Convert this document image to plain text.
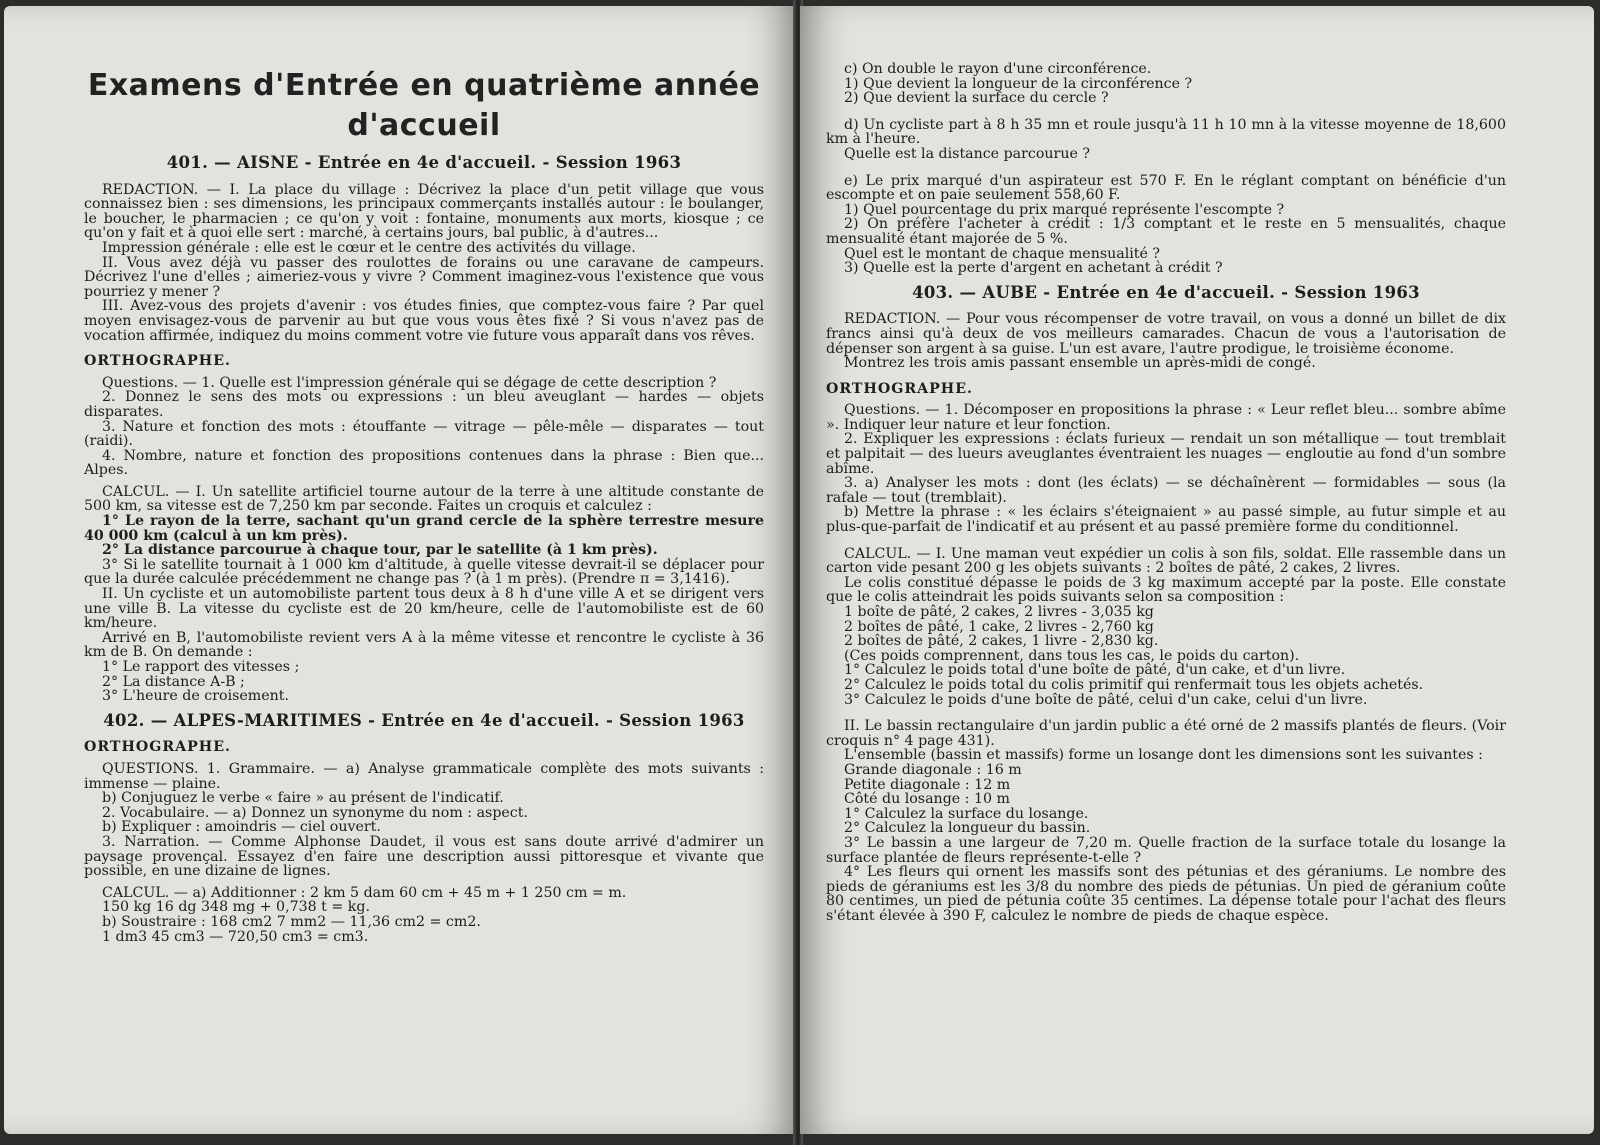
Examens d'Entrée en quatrième année
d'accueil
401. — AISNE - Entrée en 4e d'accueil. - Session 1963

REDACTION. — I. La place du village : Décrivez la place d'un petit village que vous connaissez bien : ses dimensions, les principaux commerçants installés autour : le boulanger, le boucher, le pharmacien ; ce qu'on y voit : fontaine, monuments aux morts, kiosque ; ce qu'on y fait et à quoi elle sert : marché, à certains jours, bal public, à d'autres...

Impression générale : elle est le cœur et le centre des activités du village.

II. Vous avez déjà vu passer des roulottes de forains ou une caravane de campeurs. Décrivez l'une d'elles ; aimeriez-vous y vivre ? Comment imaginez-vous l'existence que vous pourriez y mener ?

III. Avez-vous des projets d'avenir : vos études finies, que comptez-vous faire ? Par quel moyen envisagez-vous de parvenir au but que vous vous êtes fixé ? Si vous n'avez pas de vocation affirmée, indiquez du moins comment votre vie future vous apparaît dans vos rêves.

ORTHOGRAPHE.

Questions. — 1. Quelle est l'impression générale qui se dégage de cette description ?

2. Donnez le sens des mots ou expressions : un bleu aveuglant — hardes — objets disparates.

3. Nature et fonction des mots : étouffante — vitrage — pêle-mêle — disparates — tout (raidi).

4. Nombre, nature et fonction des propositions contenues dans la phrase : Bien que... Alpes.

CALCUL. — I. Un satellite artificiel tourne autour de la terre à une altitude constante de 500 km, sa vitesse est de 7,250 km par seconde. Faites un croquis et calculez :

1° Le rayon de la terre, sachant qu'un grand cercle de la sphère terrestre mesure 40 000 km (calcul à un km près).

2° La distance parcourue à chaque tour, par le satellite (à 1 km près).

3° Si le satellite tournait à 1 000 km d'altitude, à quelle vitesse devrait-il se déplacer pour que la durée calculée précédemment ne change pas ? (à 1 m près). (Prendre π = 3,1416).

II. Un cycliste et un automobiliste partent tous deux à 8 h d'une ville A et se dirigent vers une ville B. La vitesse du cycliste est de 20 km/heure, celle de l'automobiliste est de 60 km/heure.

Arrivé en B, l'automobiliste revient vers A à la même vitesse et rencontre le cycliste à 36 km de B. On demande :

1° Le rapport des vitesses ;

2° La distance A-B ;

3° L'heure de croisement.

402. — ALPES-MARITIMES - Entrée en 4e d'accueil. - Session 1963

ORTHOGRAPHE.

QUESTIONS. 1. Grammaire. — a) Analyse grammaticale complète des mots suivants : immense — plaine.

b) Conjuguez le verbe « faire » au présent de l'indicatif.

2. Vocabulaire. — a) Donnez un synonyme du nom : aspect.

b) Expliquer : amoindris — ciel ouvert.

3. Narration. — Comme Alphonse Daudet, il vous est sans doute arrivé d'admirer un paysage provençal. Essayez d'en faire une description aussi pittoresque et vivante que possible, en une dizaine de lignes.

CALCUL. — a) Additionner : 2 km 5 dam 60 cm + 45 m + 1 250 cm = m.

150 kg 16 dg 348 mg + 0,738 t = kg.

b) Soustraire : 168 cm2 7 mm2 — 11,36 cm2 = cm2.

1 dm3 45 cm3 — 720,50 cm3 = cm3.

c) On double le rayon d'une circonférence.

1) Que devient la longueur de la circonférence ?

2) Que devient la surface du cercle ?

d) Un cycliste part à 8 h 35 mn et roule jusqu'à 11 h 10 mn à la vitesse moyenne de 18,600 km à l'heure.

Quelle est la distance parcourue ?

e) Le prix marqué d'un aspirateur est 570 F. En le réglant comptant on bénéficie d'un escompte et on paie seulement 558,60 F.

1) Quel pourcentage du prix marqué représente l'escompte ?

2) On préfère l'acheter à crédit : 1/3 comptant et le reste en 5 mensualités, chaque mensualité étant majorée de 5 %.

Quel est le montant de chaque mensualité ?

3) Quelle est la perte d'argent en achetant à crédit ?

403. — AUBE - Entrée en 4e d'accueil. - Session 1963

REDACTION. — Pour vous récompenser de votre travail, on vous a donné un billet de dix francs ainsi qu'à deux de vos meilleurs camarades. Chacun de vous a l'autorisation de dépenser son argent à sa guise. L'un est avare, l'autre prodigue, le troisième économe.

Montrez les trois amis passant ensemble un après-midi de congé.

ORTHOGRAPHE.

Questions. — 1. Décomposer en propositions la phrase : « Leur reflet bleu... sombre abîme ». Indiquer leur nature et leur fonction.

2. Expliquer les expressions : éclats furieux — rendait un son métallique — tout tremblait et palpitait — des lueurs aveuglantes éventraient les nuages — engloutie au fond d'un sombre abîme.

3. a) Analyser les mots : dont (les éclats) — se déchaînèrent — formidables — sous (la rafale — tout (tremblait).

b) Mettre la phrase : « les éclairs s'éteignaient » au passé simple, au futur simple et au plus-que-parfait de l'indicatif et au présent et au passé première forme du conditionnel.

CALCUL. — I. Une maman veut expédier un colis à son fils, soldat. Elle rassemble dans un carton vide pesant 200 g les objets suivants : 2 boîtes de pâté, 2 cakes, 2 livres.

Le colis constitué dépasse le poids de 3 kg maximum accepté par la poste. Elle constate que le colis atteindrait les poids suivants selon sa composition :

1 boîte de pâté, 2 cakes, 2 livres - 3,035 kg

2 boîtes de pâté, 1 cake, 2 livres - 2,760 kg

2 boîtes de pâté, 2 cakes, 1 livre - 2,830 kg.

(Ces poids comprennent, dans tous les cas, le poids du carton).

1° Calculez le poids total d'une boîte de pâté, d'un cake, et d'un livre.

2° Calculez le poids total du colis primitif qui renfermait tous les objets achetés.

3° Calculez le poids d'une boîte de pâté, celui d'un cake, celui d'un livre.

II. Le bassin rectangulaire d'un jardin public a été orné de 2 massifs plantés de fleurs. (Voir croquis n° 4 page 431).

L'ensemble (bassin et massifs) forme un losange dont les dimensions sont les suivantes :

Grande diagonale : 16 m

Petite diagonale : 12 m

Côté du losange : 10 m

1° Calculez la surface du losange.

2° Calculez la longueur du bassin.

3° Le bassin a une largeur de 7,20 m. Quelle fraction de la surface totale du losange la surface plantée de fleurs représente-t-elle ?

4° Les fleurs qui ornent les massifs sont des pétunias et des géraniums. Le nombre des pieds de géraniums est les 3/8 du nombre des pieds de pétunias. Un pied de géranium coûte 80 centimes, un pied de pétunia coûte 35 centimes. La dépense totale pour l'achat des fleurs s'étant élevée à 390 F, calculez le nombre de pieds de chaque espèce.
